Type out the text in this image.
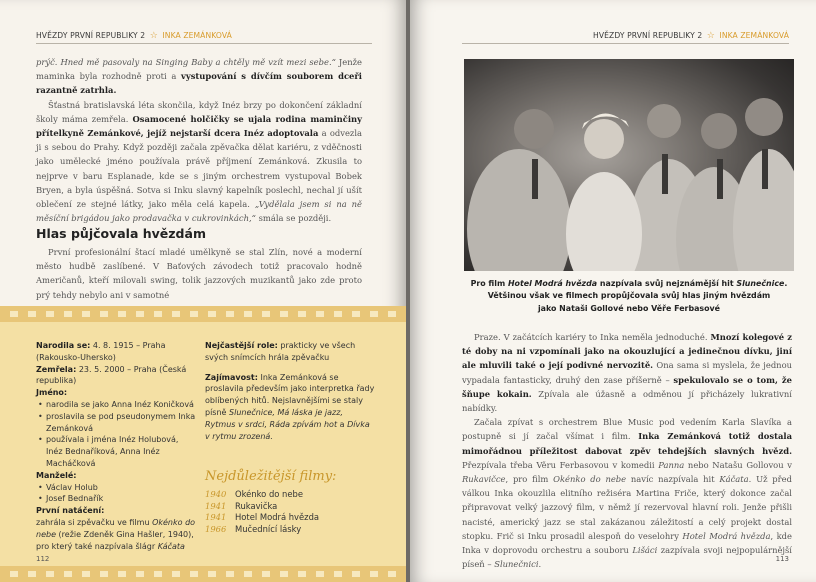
HVĚZDY PRVNÍ REPUBLIKY 2 ☆ INKA ZEMÁNKOVÁ

prýč. Hned mě pasovaly na Singing Baby a chtěly mě vzít mezi sebe.“ Jenže maminka byla rozhodně proti a vystupování s dívčím souborem dceři razantně zatrhla.

Šťastná bratislavská léta skončila, když Inéz brzy po dokončení základní školy máma zemřela. Osamocené holčičky se ujala rodina maminčiny přítelkyně Zemánkové, jejíž nejstarší dcera Inéz adoptovala a odvezla ji s sebou do Prahy. Když později začala zpěvačka dělat kariéru, z vděčnosti jako umělecké jméno používala právě příjmení Zemánková. Zkusila to nejprve v baru Esplanade, kde se s jiným orchestrem vystupoval Bobek Bryen, a byla úspěšná. Sotva si Inku slavný kapelník poslechl, nechal jí ušít oblečení ze stejné látky, jako měla celá kapela. „Vydělala jsem si na ně měsíční brigádou jako prodavačka v cukrovinkách,“ smála se později.

Hlas půjčovala hvězdám

První profesionální štací mladé umělkyně se stal Zlín, nové a moderní město hudbě zaslíbené. V Baťových závodech totiž pracovalo hodně Američanů, kteří milovali swing, tolik jazzových muzikantů jako zde proto prý tehdy nebylo ani v samotné

Narodila se: 4. 8. 1915 – Praha (Rakousko-Uhersko)
Zemřela: 23. 5. 2000 – Praha (Česká republika)
Jméno:
• narodila se jako Anna Inéz Koničková
• proslavila se pod pseudonymem Inka Zemánková
• používala i jména Inéz Holubová, Inéz Bednaříková, Anna Inéz Macháčková
Manželé:
• Václav Holub
• Josef Bednařík
První natáčení:
zahrála si zpěvačku ve filmu Okénko do nebe (režie Zdeněk Gina Hašler, 1940), pro který také nazpívala šlágr Káčata
Nejčastější role: prakticky ve všech svých snímcích hrála zpěvačku
Zajímavost: Inka Zemánková se proslavila především jako interpretka řady oblíbených hitů. Nejslavnějšími se staly písně Slunečnice, Má láska je jazz, Rytmus v srdci, Ráda zpívám hot a Dívka v rytmu zrozená.
Nejdůležitější filmy:
1940 Okénko do nebe
1941 Rukavička
1941 Hotel Modrá hvězda
1966 Mučednící lásky
112
HVĚZDY PRVNÍ REPUBLIKY 2 ☆ INKA ZEMÁNKOVÁ
Pro film Hotel Modrá hvězda nazpívala svůj nejznámější hit Slunečnice.
Většinou však ve filmech propůjčovala svůj hlas jiným hvězdám
jako Nataši Gollové nebo Věře Ferbasové

Praze. V začátcích kariéry to Inka neměla jednoduché. Mnozí kolegové z té doby na ni vzpomínali jako na okouzlující a jedinečnou dívku, jiní ale mluvili také o její podivné nervozitě. Ona sama si myslela, že jednou vypadala fantasticky, druhý den zase příšerně – spekulovalo se o tom, že šňupe kokain. Zpívala ale úžasně a odměnou jí přicházely lukrativní nabídky.

Začala zpívat s orchestrem Blue Music pod vedením Karla Slavíka a postupně si jí začal všímat i film. Inka Zemánková totiž dostala mimořádnou příležitost dabovat zpěv tehdejších slavných hvězd. Přezpívala třeba Věru Ferbasovou v komedii Panna nebo Natašu Gollovou v Rukavičce, pro film Okénko do nebe navíc nazpívala hit Káčata. Už před válkou Inka okouzlila elitního režiséra Martina Friče, který dokonce začal připravovat velký jazzový film, v němž jí rezervoval hlavní roli. Jenže přišli nacisté, americký jazz se stal zakázanou záležitostí a celý projekt dostal stopku. Frič si Inku prosadil alespoň do veselohry Hotel Modrá hvězda, kde Inka v doprovodu orchestru a souboru Lišáci zazpívala svoji nejpopulárnější píseň – Slunečnici.

113
